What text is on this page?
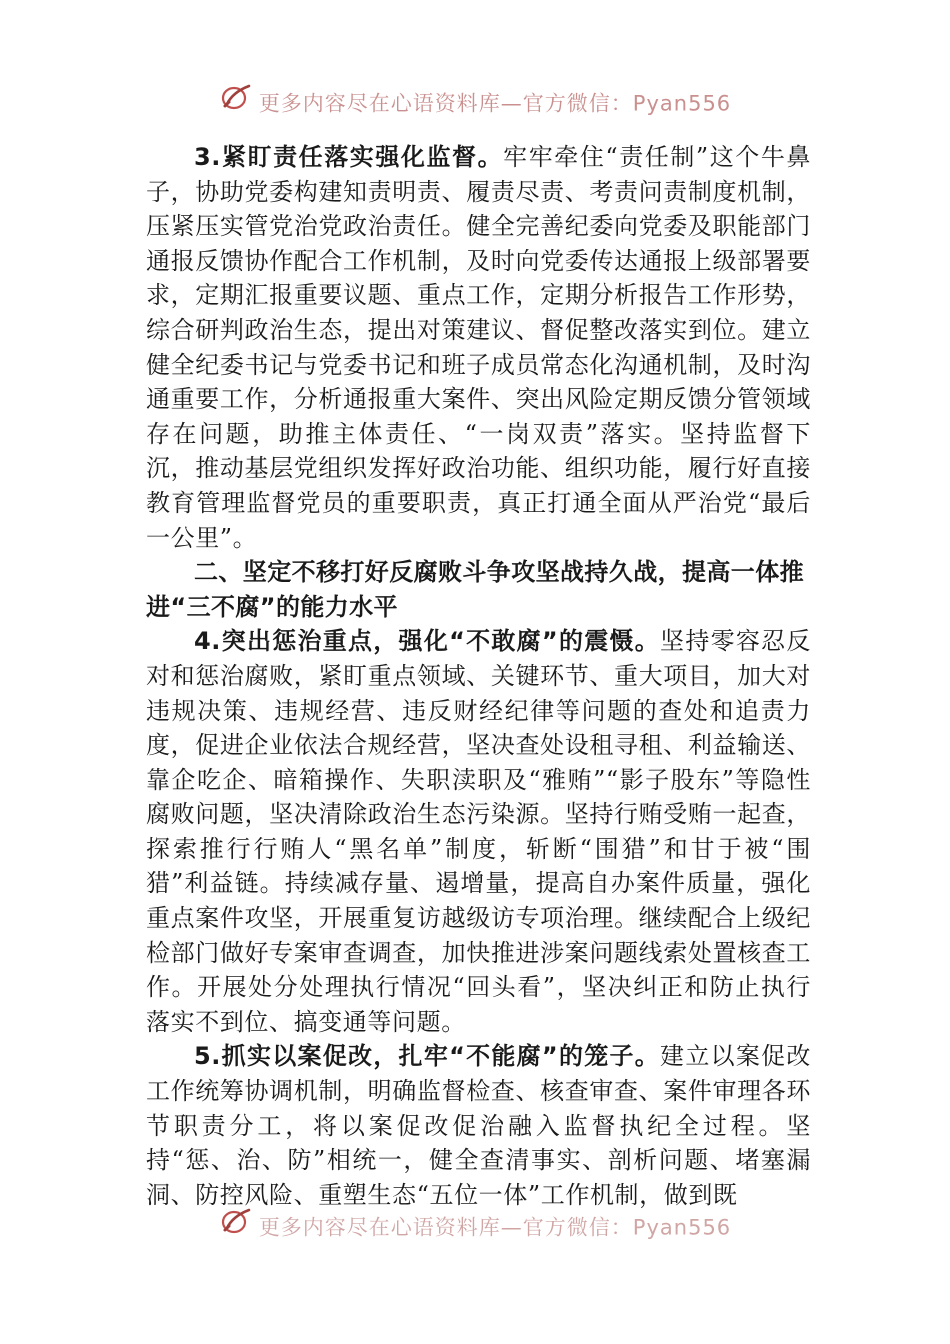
更多内容尽在心语资料库—官方微信：Pyan556

3.紧盯责任落实强化监督。牢牢牵住“责任制”这个牛鼻子，协助党委构建知责明责、履责尽责、考责问责制度机制，压紧压实管党治党政治责任。健全完善纪委向党委及职能部门通报反馈协作配合工作机制，及时向党委传达通报上级部署要求，定期汇报重要议题、重点工作，定期分析报告工作形势，综合研判政治生态，提出对策建议、督促整改落实到位。建立健全纪委书记与党委书记和班子成员常态化沟通机制，及时沟通重要工作，分析通报重大案件、突出风险定期反馈分管领域存在问题，助推主体责任、“一岗双责”落实。坚持监督下沉，推动基层党组织发挥好政治功能、组织功能，履行好直接教育管理监督党员的重要职责，真正打通全面从严治党“最后一公里”。

二、坚定不移打好反腐败斗争攻坚战持久战，提高一体推进“三不腐”的能力水平

4.突出惩治重点，强化“不敢腐”的震慑。坚持零容忍反对和惩治腐败，紧盯重点领域、关键环节、重大项目，加大对违规决策、违规经营、违反财经纪律等问题的查处和追责力度，促进企业依法合规经营，坚决查处设租寻租、利益输送、靠企吃企、暗箱操作、失职渎职及“雅贿”“影子股东”等隐性腐败问题，坚决清除政治生态污染源。坚持行贿受贿一起查，探索推行行贿人“黑名单”制度，斩断“围猎”和甘于被“围猎”利益链。持续减存量、遏增量，提高自办案件质量，强化重点案件攻坚，开展重复访越级访专项治理。继续配合上级纪检部门做好专案审查调查，加快推进涉案问题线索处置核查工作。开展处分处理执行情况“回头看”，坚决纠正和防止执行落实不到位、搞变通等问题。

5.抓实以案促改，扎牢“不能腐”的笼子。建立以案促改工作统筹协调机制，明确监督检查、核查审查、案件审理各环节职责分工，将以案促改促治融入监督执纪全过程。坚持“惩、治、防”相统一，健全查清事实、剖析问题、堵塞漏洞、防控风险、重塑生态“五位一体”工作机制，做到既

更多内容尽在心语资料库—官方微信：Pyan556
